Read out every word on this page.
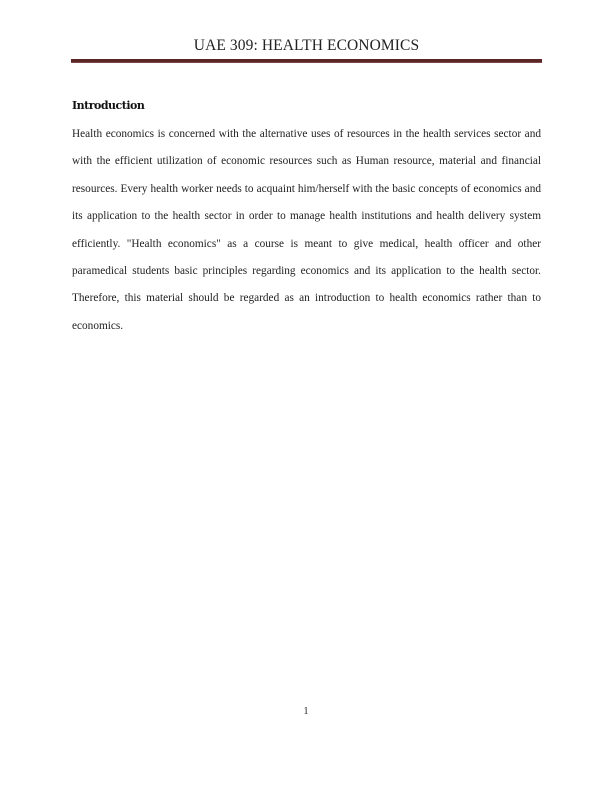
UAE 309: HEALTH ECONOMICS
Introduction

Health economics is concerned with the alternative uses of resources in the health services sector and with the efficient utilization of economic resources such as Human resource, material and financial resources. Every health worker needs to acquaint him/herself with the basic concepts of economics and its application to the health sector in order to manage health institutions and health delivery system efficiently. "Health economics" as a course is meant to give medical, health officer and other paramedical students basic principles regarding economics and its application to the health sector. Therefore, this material should be regarded as an introduction to health economics rather than to economics.

1
